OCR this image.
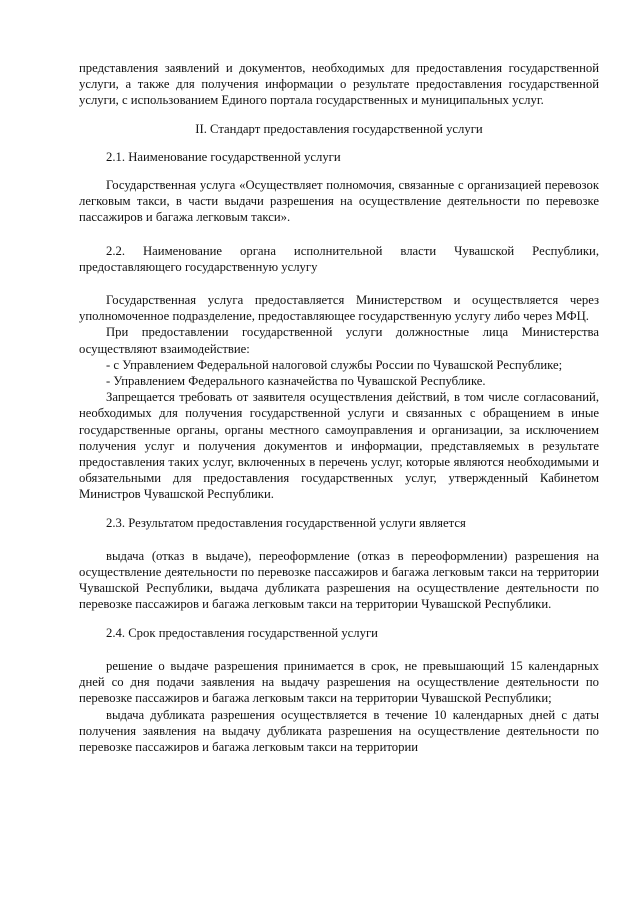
представления заявлений и документов, необходимых для предоставления государственной услуги, а также для получения информации о результате предоставления государственной услуги, с использованием Единого портала государственных и муниципальных услуг.

II. Стандарт предоставления государственной услуги

2.1. Наименование государственной услуги

Государственная услуга «Осуществляет полномочия, связанные с организацией перевозок легковым такси, в части выдачи разрешения на осуществление деятельности по перевозке пассажиров и багажа легковым такси».

2.2. Наименование органа исполнительной власти Чувашской Республики, предоставляющего государственную услугу

Государственная услуга предоставляется Министерством и осуществляется через уполномоченное подразделение, предоставляющее государственную услугу либо через МФЦ.

При предоставлении государственной услуги должностные лица Министерства осуществляют взаимодействие:

- с Управлением Федеральной налоговой службы России по Чувашской Республике;

- Управлением Федерального казначейства по Чувашской Республике.

Запрещается требовать от заявителя осуществления действий, в том числе согласований, необходимых для получения государственной услуги и связанных с обращением в иные государственные органы, органы местного самоуправления и организации, за исключением получения услуг и получения документов и информации, представляемых в результате предоставления таких услуг, включенных в перечень услуг, которые являются необходимыми и обязательными для предоставления государственных услуг, утвержденный Кабинетом Министров Чувашской Республики.

2.3. Результатом предоставления государственной услуги является

выдача (отказ в выдаче), переоформление (отказ в переоформлении) разрешения на осуществление деятельности по перевозке пассажиров и багажа легковым такси на территории Чувашской Республики, выдача дубликата разрешения на осуществление деятельности по перевозке пассажиров и багажа легковым такси на территории Чувашской Республики.

2.4. Срок предоставления государственной услуги

решение о выдаче разрешения принимается в срок, не превышающий 15 календарных дней со дня подачи заявления на выдачу разрешения на осуществление деятельности по перевозке пассажиров и багажа легковым такси на территории Чувашской Республики;

выдача дубликата разрешения осуществляется в течение 10 календарных дней с даты получения заявления на выдачу дубликата разрешения на осуществление деятельности по перевозке пассажиров и багажа легковым такси на территории
